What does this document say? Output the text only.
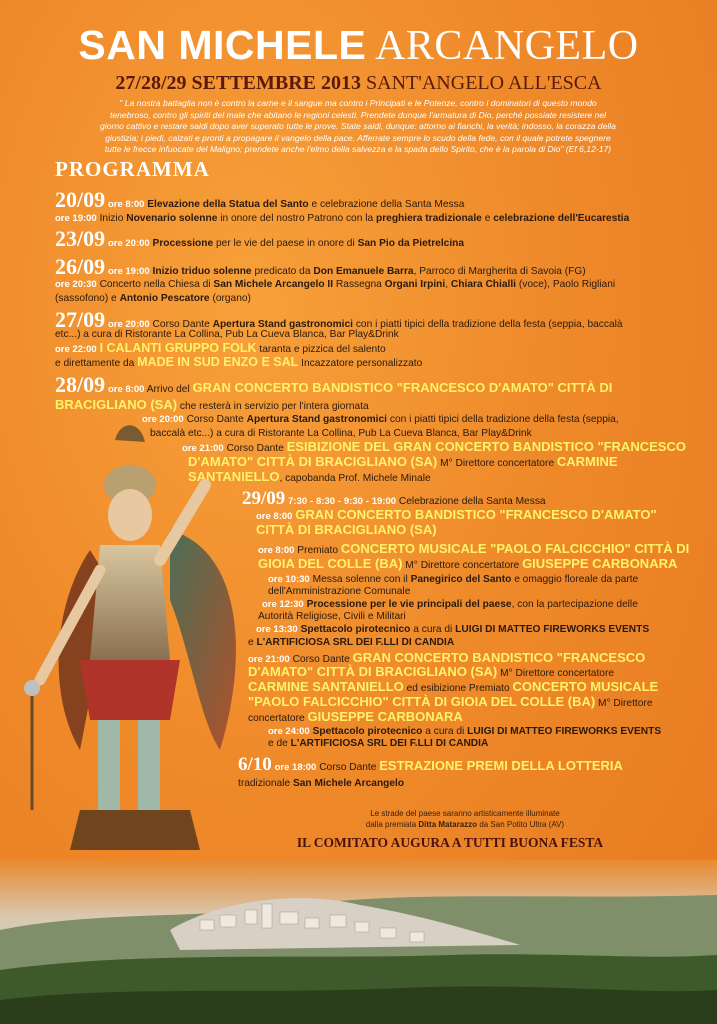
SAN MICHELE ARCANGELO
27/28/29 SETTEMBRE 2013 SANT'ANGELO ALL'ESCA
" La nostra battaglia non è contro la carne e il sangue ma contro i Principati e le Potenze, contro i dominatori di questo mondo
tenebroso, contro gli spiriti del male che abitano le regioni celesti. Prendete dunque l'armatura di Dio, perché possiate resistere nel
giorno cattivo e restare saldi dopo aver superato tutte le prove. State saldi, dunque: attorno ai fianchi, la verità; indosso, la corazza della
giustizia; i piedi, calzati e pronti a propagare il vangelo della pace. Afferrate sempre lo scudo della fede, con il quale potrete spegnere
tutte le frecce infuocate del Maligno; prendete anche l'elmo della salvezza e la spada dello Spirito, che è la parola di Dio" (Ef 6,12-17)
PROGRAMMA
20/09 ore 8:00 Elevazione della Statua del Santo e celebrazione della Santa Messa
ore 19:00 Inizio Novenario solenne in onore del nostro Patrono con la preghiera tradizionale e celebrazione dell'Eucarestia
23/09 ore 20:00 Processione per le vie del paese in onore di San Pio da Pietrelcina
26/09 ore 19:00 Inizio triduo solenne predicato da Don Emanuele Barra, Parroco di Margherita di Savoia (FG)
ore 20:30 Concerto nella Chiesa di San Michele Arcangelo II Rassegna Organi Irpini, Chiara Chialli (voce), Paolo Rigliani
(sassofono) e Antonio Pescatore (organo)
27/09 ore 20:00 Corso Dante Apertura Stand gastronomici con i piatti tipici della tradizione della festa (seppia, baccalà
etc...) a cura di Ristorante La Collina, Pub La Cueva Blanca, Bar Play&Drink
ore 22:00 I CALANTI GRUPPO FOLK taranta e pizzica del salento
e direttamente da MADE IN SUD ENZO E SAL Incazzatore personalizzato
28/09 ore 8:00 Arrivo del GRAN CONCERTO BANDISTICO "FRANCESCO D'AMATO" CITTÀ DI
BRACIGLIANO (SA) che resterà in servizio per l'intera giornata
ore 20:00 Corso Dante Apertura Stand gastronomici con i piatti tipici della tradizione della festa (seppia,
baccalà etc...) a cura di Ristorante La Collina, Pub La Cueva Blanca, Bar Play&Drink
ore 21:00 Corso Dante ESIBIZIONE DEL GRAN CONCERTO BANDISTICO "FRANCESCO
D'AMATO" CITTÀ DI BRACIGLIANO (SA) M° Direttore concertatore CARMINE
SANTANIELLO, capobanda Prof. Michele Minale
29/09 7:30 - 8:30 - 9:30 - 19:00 Celebrazione della Santa Messa
ore 8:00 GRAN CONCERTO BANDISTICO "FRANCESCO D'AMATO"
CITTÀ DI BRACIGLIANO (SA)
ore 8:00 Premiato CONCERTO MUSICALE "PAOLO FALCICCHIO" CITTÀ DI
GIOIA DEL COLLE (BA) M° Direttore concertatore GIUSEPPE CARBONARA
ore 10:30 Messa solenne con il Panegirico del Santo e omaggio floreale da parte
dell'Amministrazione Comunale
ore 12:30 Processione per le vie principali del paese, con la partecipazione delle
Autorità Religiose, Civili e Militari
ore 13:30 Spettacolo pirotecnico a cura di LUIGI DI MATTEO FIREWORKS EVENTS
e L'ARTIFICIOSA SRL DEI F.LLI DI CANDIA
ore 21:00 Corso Dante GRAN CONCERTO BANDISTICO "FRANCESCO
D'AMATO" CITTÀ DI BRACIGLIANO (SA) M° Direttore concertatore
CARMINE SANTANIELLO ed esibizione Premiato CONCERTO MUSICALE
"PAOLO FALCICCHIO" CITTÀ DI GIOIA DEL COLLE (BA) M° Direttore
concertatore GIUSEPPE CARBONARA
ore 24:00 Spettacolo pirotecnico a cura di LUIGI DI MATTEO FIREWORKS EVENTS
e de L'ARTIFICIOSA SRL DEI F.LLI DI CANDIA
6/10 ore 18:00 Corso Dante ESTRAZIONE PREMI DELLA LOTTERIA
tradizionale San Michele Arcangelo
Le strade del paese saranno artisticamente illuminate
dalla premiata Ditta Matarazzo da San Potito Ultra (AV)
IL COMITATO AUGURA A TUTTI BUONA FESTA
